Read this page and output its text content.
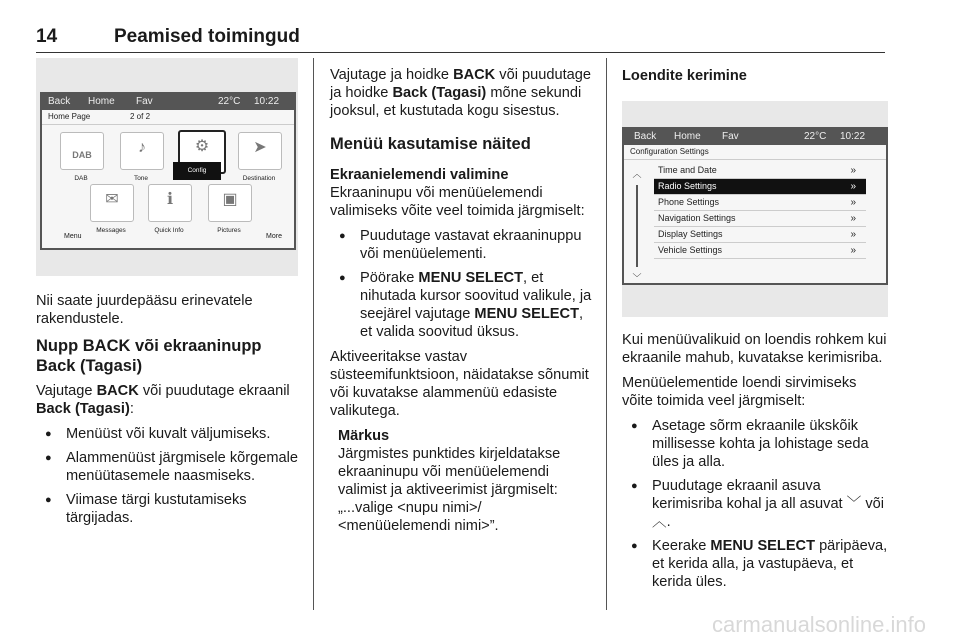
14	Peamised toimingud
Back Home Fav	22°C 10:22
Home Page	2 of 2
DAB
DAB
♪
Tone
⚙
Config
➤
Destination
✉
Messages
ℹ
Quick Info
▣
Pictures
Menu	More

Nii saate juurdepääsu erinevatele rakendustele.

Nupp BACK või ekraaninupp Back (Tagasi)

Vajutage BACK või puudutage ekraanil Back (Tagasi):

● Menüüst või kuvalt väljumiseks.
● Alammenüüst järgmisele kõrgemale menüütasemele naasmiseks.
● Viimase tärgi kustutamiseks tärgijadas.

Vajutage ja hoidke BACK või puudutage ja hoidke Back (Tagasi) mõne sekundi jooksul, et kustutada kogu sisestus.

Menüü kasutamise näited
Ekraanielemendi valimine

Ekraaninupu või menüüelemendi valimiseks võite veel toimida järgmiselt:

● Puudutage vastavat ekraaninuppu või menüüelementi.
● Pöörake MENU SELECT, et nihutada kursor soovitud valikule, ja seejärel vajutage MENU SELECT, et valida soovitud üksus.

Aktiveeritakse vastav süsteemifunktsioon, näidatakse sõnumit või kuvatakse alammenüü edasiste valikutega.

Märkus
Järgmistes punktides kirjeldatakse ekraaninupu või menüüelemendi valimist ja aktiveerimist järgmiselt: „...valige <nupu nimi>/ <menüüelemendi nimi>”.
Loendite kerimine
Back Home Fav	22°C 10:22
Configuration Settings
︿
﹀
Time and Date	»
Radio Settings	»
Phone Settings	»
Navigation Settings	»
Display Settings	»
Vehicle Settings	»

Kui menüüvalikuid on loendis rohkem kui ekraanile mahub, kuvatakse kerimisriba.

Menüüelementide loendi sirvimiseks võite toimida veel järgmiselt:

● Asetage sõrm ekraanile ükskõik millisesse kohta ja lohistage seda üles ja alla.
● Puudutage ekraanil asuva kerimisriba kohal ja all asuvat ﹀ või ︿.
● Keerake MENU SELECT päripäeva, et kerida alla, ja vastupäeva, et kerida üles.
carmanualsonline.info
